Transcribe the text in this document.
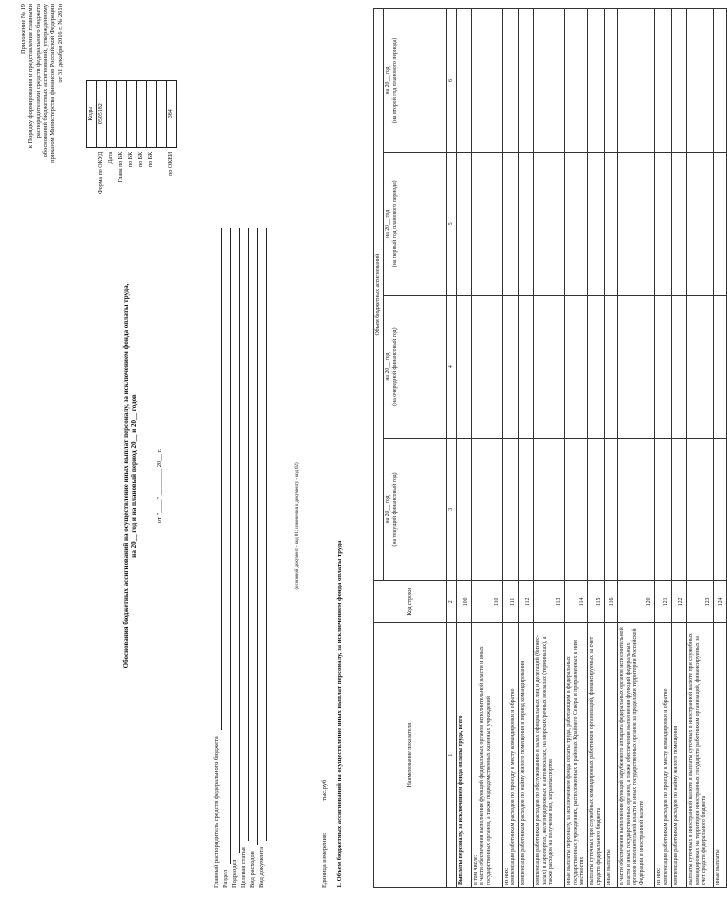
Приложение № 19 к Порядку формирования и представления главными распорядителями средств федерального бюджета обоснований бюджетных ассигнований, утвержденному приказом Министерства финансов Российской Федерации от 31 декабря 2016 г. № 261н
Обоснования бюджетных ассигнований на осуществление иных выплат персоналу, за исключением фонда оплаты труда, на 20__ год и на плановый период 20__ и 20__ годов	от "____" ________ 20__ г.
	Коды
Форма по ОКУД	0505182
Дата	
Глава по БК	
по БК	
по БК	
по БК	

по ОКЕИ	384
Главный распорядитель средств федерального бюджета Раздел Подраздел Целевая статья Вид расходов Вид документа
(основной документ - код 01; изменения к документу - код 02)
Единица измерения: тыс.руб 1. Объем бюджетных ассигнований на осуществление иных выплат персоналу, за исключением фонда оплаты труда	Наименование показателя	Код строки	Объем бюджетных ассигнований			
		на 20__ год
(на текущий финансовый год)	на 20__ год
(на очередной финансовый год)	на 20__ год
(на первый год планового периода)	на 20__ год
(на второй год планового периода)
1	2	3	4	5	6
Выплаты персоналу, за исключением фонда оплаты труда, всего	100				
в том числе:
в части обеспечения выполнения функций федеральных органов исполнительной власти и иных государственных органов, а также подведомственных казенных учреждений	110				
из них:
компенсация работникам расходов по проезду к месту командировки и обратно	111				
компенсация работникам расходов по найму жилого помещения в период командирования	112				
компенсация работникам расходов по обслуживанию в залах официальных лиц и делегаций (бизнес-залах) в аэропортах, железнодорожных и автовокзалах, на морских/речных вокзалах (терминалах), а также расходов на получение виз, загранпаспортов	113				
иные выплаты персоналу, за исключением фонда оплаты труда, работающим в федеральных государственных учреждениях, расположенных в районах Крайнего Севера и приравненных к ним местностях	114				
выплаты суточных при служебных командировках работников организаций, финансируемых за счет средств федерального бюджета	115				
иные выплаты	116				
в части обеспечения выполнения функций зарубежного аппарата федеральных органов исполнительной власти и иных государственных органов, а также обеспечения выполнения функций федеральных органов исполнительной власти и иных государственных органов за пределами территории Российской Федерации в иностранной валюте	120				
из них:
компенсация работникам расходов по проезду к месту командировки и обратно	121				
компенсация работникам расходов по найму жилого помещения	122				
выплаты суточных в иностранной валюте и выплаты суточных в иностранной валюте при служебных командировках на территории иностранных государств работникам организаций, финансируемых за счет средств федерального бюджета	123				
иные выплаты	124				
